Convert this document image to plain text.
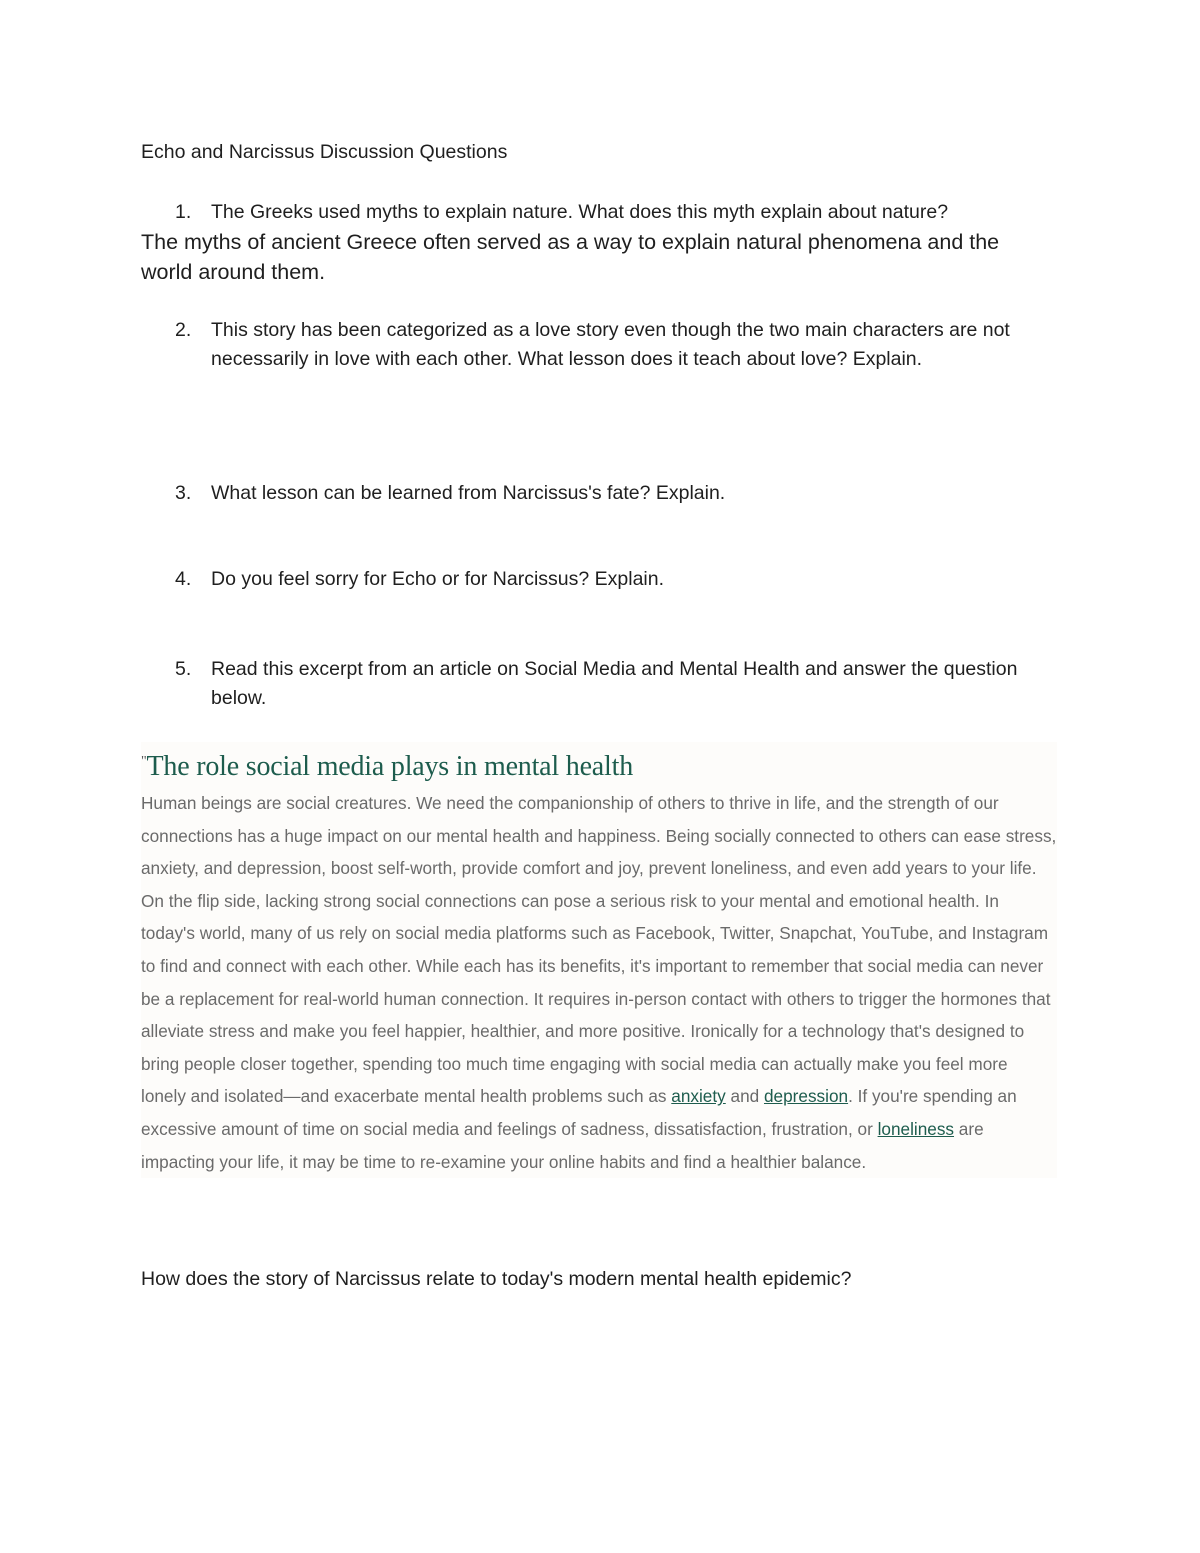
Echo and Narcissus Discussion Questions
1.	The Greeks used myths to explain nature. What does this myth explain about nature?
The myths of ancient Greece often served as a way to explain natural phenomena and the world around them.
2.	This story has been categorized as a love story even though the two main characters are not necessarily in love with each other. What lesson does it teach about love? Explain.
3.	What lesson can be learned from Narcissus's fate? Explain.
4.	Do you feel sorry for Echo or for Narcissus? Explain.
5.	Read this excerpt from an article on Social Media and Mental Health and answer the question below.
"The role social media plays in mental health

Human beings are social creatures. We need the companionship of others to thrive in life, and the strength of our connections has a huge impact on our mental health and happiness. Being socially connected to others can ease stress, anxiety, and depression, boost self-worth, provide comfort and joy, prevent loneliness, and even add years to your life. On the flip side, lacking strong social connections can pose a serious risk to your mental and emotional health. In today's world, many of us rely on social media platforms such as Facebook, Twitter, Snapchat, YouTube, and Instagram to find and connect with each other. While each has its benefits, it's important to remember that social media can never be a replacement for real-world human connection. It requires in-person contact with others to trigger the hormones that alleviate stress and make you feel happier, healthier, and more positive. Ironically for a technology that's designed to bring people closer together, spending too much time engaging with social media can actually make you feel more lonely and isolated—and exacerbate mental health problems such as anxiety and depression. If you're spending an excessive amount of time on social media and feelings of sadness, dissatisfaction, frustration, or loneliness are impacting your life, it may be time to re-examine your online habits and find a healthier balance.

How does the story of Narcissus relate to today's modern mental health epidemic?
